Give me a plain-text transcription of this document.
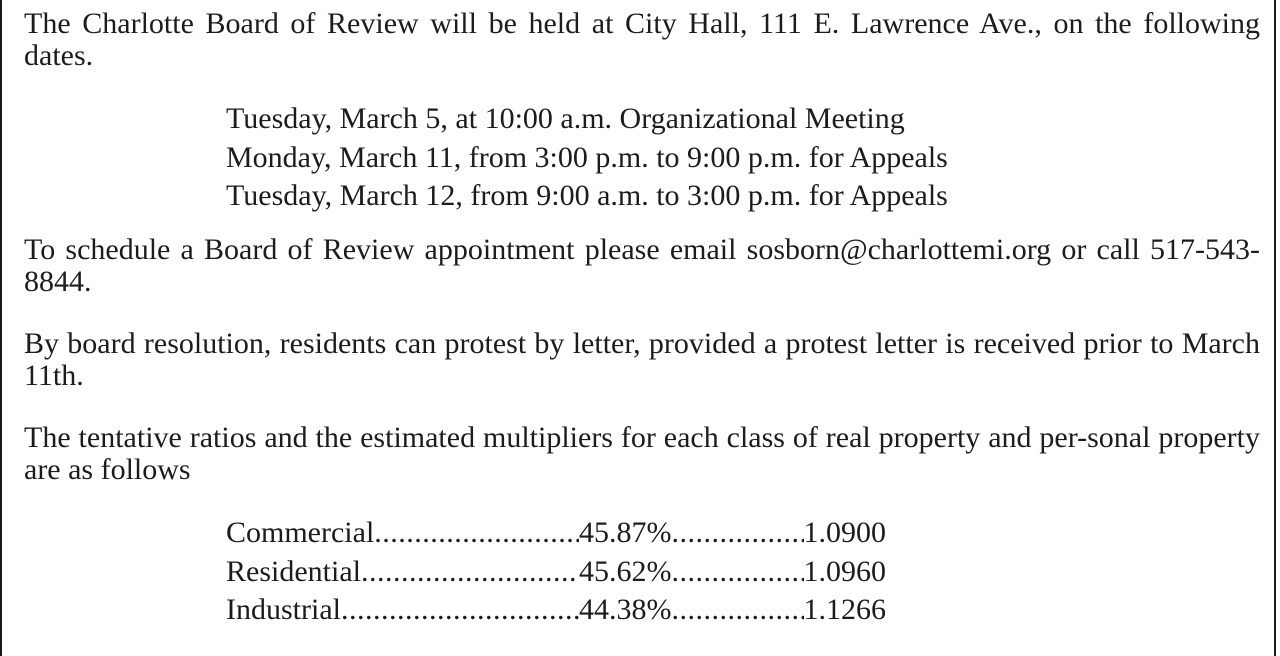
The Charlotte Board of Review will be held at City Hall, 111 E. Lawrence Ave., on the following dates.

Tuesday, March 5, at 10:00 a.m. Organizational Meeting
Monday, March 11, from 3:00 p.m. to 9:00 p.m. for Appeals
Tuesday, March 12, from 9:00 a.m. to 3:00 p.m. for Appeals

To schedule a Board of Review appointment please email sosborn@charlottemi.org or call 517-543-8844.

By board resolution, residents can protest by letter, provided a protest letter is received prior to March 11th.

The tentative ratios and the estimated multipliers for each class of real property and per-sonal property are as follows

Commercial .....	45.87% .....	1.0900
Residential .....	45.62% .....	1.0960
Industrial .....	44.38% .....	1.1266
